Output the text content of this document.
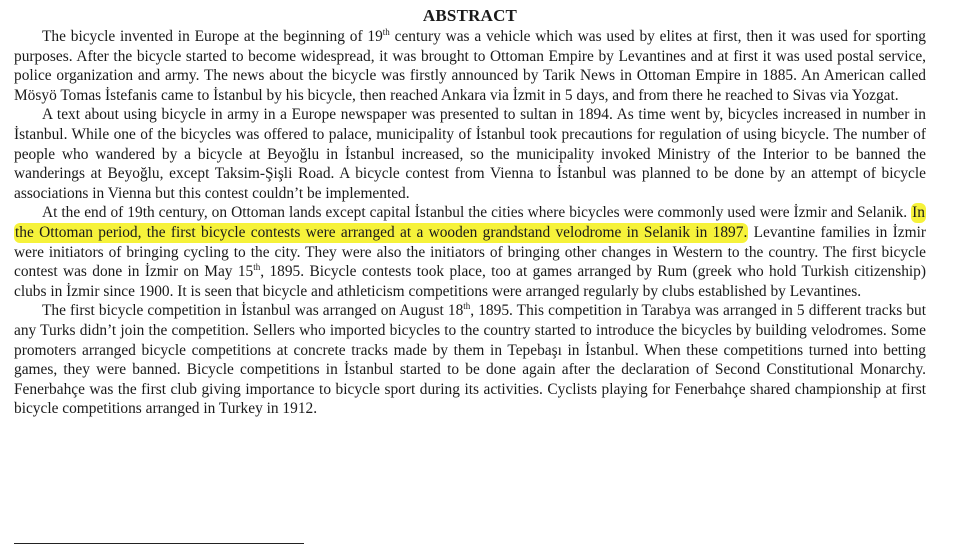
ABSTRACT

The bicycle invented in Europe at the beginning of 19th century was a vehicle which was used by elites at first, then it was used for sporting purposes. After the bicycle started to become widespread, it was brought to Ottoman Empire by Levantines and at first it was used postal service, police organization and army. The news about the bicycle was firstly announced by Tarik News in Ottoman Empire in 1885. An American called Mösyö Tomas İstefanis came to İstanbul by his bicycle, then reached Ankara via İzmit in 5 days, and from there he reached to Sivas via Yozgat.

A text about using bicycle in army in a Europe newspaper was presented to sultan in 1894. As time went by, bicycles increased in number in İstanbul. While one of the bicycles was offered to palace, municipality of İstanbul took precautions for regulation of using bicycle. The number of people who wandered by a bicycle at Beyoğlu in İstanbul increased, so the municipality invoked Ministry of the Interior to be banned the wanderings at Beyoğlu, except Taksim-Şişli Road. A bicycle contest from Vienna to İstanbul was planned to be done by an attempt of bicycle associations in Vienna but this contest couldn’t be implemented.

At the end of 19th century, on Ottoman lands except capital İstanbul the cities where bicycles were commonly used were İzmir and Selanik. In the Ottoman period, the first bicycle contests were arranged at a wooden grandstand velodrome in Selanik in 1897. Levantine families in İzmir were initiators of bringing cycling to the city. They were also the initiators of bringing other changes in Western to the country. The first bicycle contest was done in İzmir on May 15th, 1895. Bicycle contests took place, too at games arranged by Rum (greek who hold Turkish citizenship) clubs in İzmir since 1900. It is seen that bicycle and athleticism competitions were arranged regularly by clubs established by Levantines.

The first bicycle competition in İstanbul was arranged on August 18th, 1895. This competition in Tarabya was arranged in 5 different tracks but any Turks didn’t join the competition. Sellers who imported bicycles to the country started to introduce the bicycles by building velodromes. Some promoters arranged bicycle competitions at concrete tracks made by them in Tepebaşı in İstanbul. When these competitions turned into betting games, they were banned. Bicycle competitions in İstanbul started to be done again after the declaration of Second Constitutional Monarchy. Fenerbahçe was the first club giving importance to bicycle sport during its activities. Cyclists playing for Fenerbahçe shared championship at first bicycle competitions arranged in Turkey in 1912.
